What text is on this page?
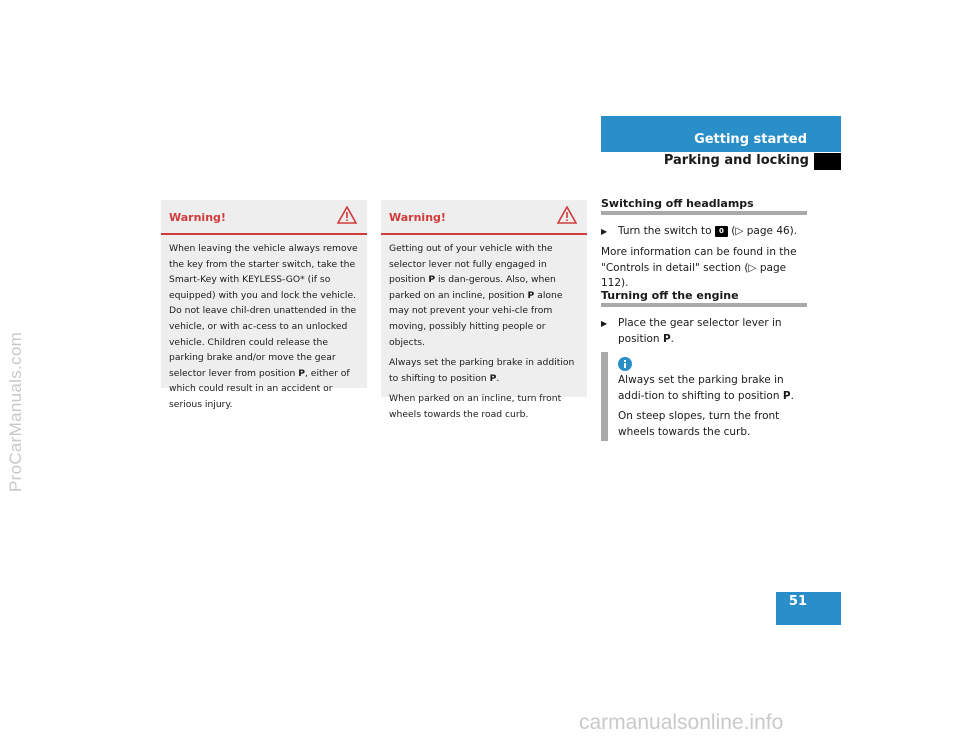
ProCarManuals.com
Getting started
Parking and locking
Warning!

When leaving the vehicle always remove the key from the starter switch, take the Smart-Key with KEYLESS-GO* (if so equipped) with you and lock the vehicle. Do not leave chil-dren unattended in the vehicle, or with ac-cess to an unlocked vehicle. Children could release the parking brake and/or move the gear selector lever from position P, either of which could result in an accident or serious injury.

Warning!

Getting out of your vehicle with the selector lever not fully engaged in position P is dan-gerous. Also, when parked on an incline, position P alone may not prevent your vehi-cle from moving, possibly hitting people or objects.

Always set the parking brake in addition to shifting to position P.

When parked on an incline, turn front wheels towards the road curb.

Switching off headlamps
▶ Turn the switch to 0 (▷ page 46).
More information can be found in the "Controls in detail" section (▷ page 112).
Turning off the engine
▶ Place the gear selector lever in position P.

Always set the parking brake in addi-tion to shifting to position P.

On steep slopes, turn the front wheels towards the curb.

51
carmanualsonline.info
